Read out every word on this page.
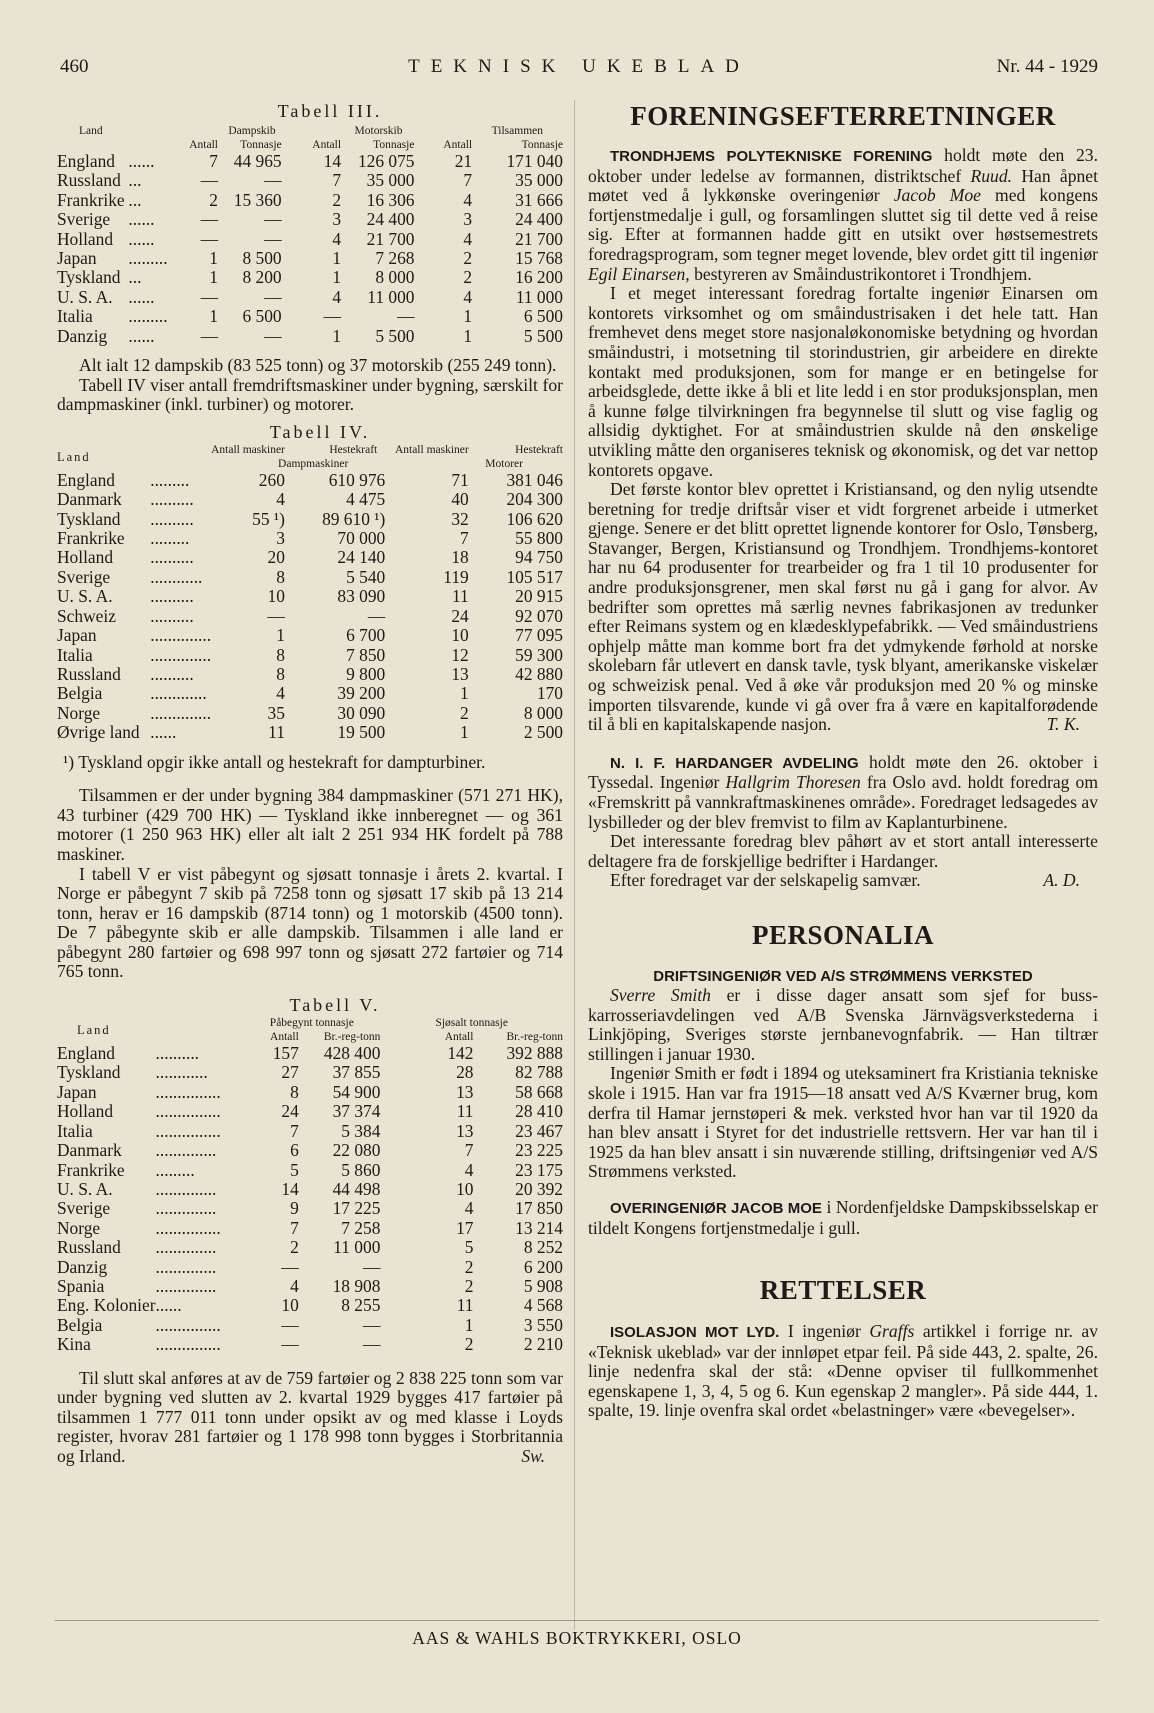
460	TEKNISK UKEBLAD	Nr. 44 - 1929

Tabell III.

Land		Dampskib		Motorskib		Tilsammen	
		Antall	Tonnasje	Antall	Tonnasje	Antall	Tonnasje
England	......	7	44 965	14	126 075	21	171 040
Russland	...	—	—	7	35 000	7	35 000
Frankrike	...	2	15 360	2	16 306	4	31 666
Sverige	......	—	—	3	24 400	3	24 400
Holland	......	—	—	4	21 700	4	21 700
Japan	.........	1	8 500	1	7 268	2	15 768
Tyskland	...	1	8 200	1	8 000	2	16 200
U. S. A.	......	—	—	4	11 000	4	11 000
Italia	.........	1	6 500	—	—	1	6 500
Danzig	......	—	—	1	5 500	1	5 500

Alt ialt 12 dampskib (83 525 tonn) og 37 motorskib (255 249 tonn).

Tabell IV viser antall fremdriftsmaskiner under bygning, særskilt for dampmaskiner (inkl. turbiner) og motorer.

Tabell IV.

Land		Antall maskiner	Hestekraft	Antall maskiner	Hestekraft
		Dampmaskiner		Motorer	
England	.........	260	610 976	71	381 046
Danmark	..........	4	4 475	40	204 300
Tyskland	..........	55 ¹)	89 610 ¹)	32	106 620
Frankrike	.........	3	70 000	7	55 800
Holland	..........	20	24 140	18	94 750
Sverige	............	8	5 540	119	105 517
U. S. A.	..........	10	83 090	11	20 915
Schweiz	..........	—	—	24	92 070
Japan	..............	1	6 700	10	77 095
Italia	..............	8	7 850	12	59 300
Russland	..........	8	9 800	13	42 880
Belgia	.............	4	39 200	1	170
Norge	..............	35	30 090	2	8 000
Øvrige land	......	11	19 500	1	2 500

¹) Tyskland opgir ikke antall og hestekraft for dampturbiner.

Tilsammen er der under bygning 384 dampmaskiner (571 271 HK), 43 turbiner (429 700 HK) — Tyskland ikke innberegnet — og 361 motorer (1 250 963 HK) eller alt ialt 2 251 934 HK fordelt på 788 maskiner.

I tabell V er vist påbegynt og sjøsatt tonnasje i årets 2. kvartal. I Norge er påbegynt 7 skib på 7258 tonn og sjøsatt 17 skib på 13 214 tonn, herav er 16 dampskib (8714 tonn) og 1 motorskib (4500 tonn). De 7 påbegynte skib er alle dampskib. Tilsammen i alle land er påbegynt 280 fartøier og 698 997 tonn og sjøsatt 272 fartøier og 714 765 tonn.

Tabell V.

Land		Påbegynt tonnasje		Sjøsalt tonnasje	
		Antall	Br.-reg-tonn	Antall	Br.-reg-tonn
England	..........	157	428 400	142	392 888
Tyskland	............	27	37 855	28	82 788
Japan	...............	8	54 900	13	58 668
Holland	...............	24	37 374	11	28 410
Italia	...............	7	5 384	13	23 467
Danmark	..............	6	22 080	7	23 225
Frankrike	.........	5	5 860	4	23 175
U. S. A.	..............	14	44 498	10	20 392
Sverige	..............	9	17 225	4	17 850
Norge	...............	7	7 258	17	13 214
Russland	..............	2	11 000	5	8 252
Danzig	..............	—	—	2	6 200
Spania	..............	4	18 908	2	5 908
Eng. Kolonier	......	10	8 255	11	4 568
Belgia	...............	—	—	1	3 550
Kina	...............	—	—	2	2 210

Til slutt skal anføres at av de 759 fartøier og 2 838 225 tonn som var under bygning ved slutten av 2. kvartal 1929 bygges 417 fartøier på tilsammen 1 777 011 tonn under opsikt av og med klasse i Loyds register, hvorav 281 fartøier og 1 178 998 tonn bygges i Storbritannia og Irland.	Sw.

FORENINGSEFTERRETNINGER

TRONDHJEMS POLYTEKNISKE FORENING holdt møte den 23. oktober under ledelse av formannen, distriktschef Ruud. Han åpnet møtet ved å lykkønske overingeniør Jacob Moe med kongens fortjenstmedalje i gull, og forsamlingen sluttet sig til dette ved å reise sig. Efter at formannen hadde gitt en utsikt over høstsemestrets foredragsprogram, som tegner meget lovende, blev ordet gitt til ingeniør Egil Einarsen, bestyreren av Småindustrikontoret i Trondhjem.

I et meget interessant foredrag fortalte ingeniør Einarsen om kontorets virksomhet og om småindustrisaken i det hele tatt. Han fremhevet dens meget store nasjonaløkonomiske betydning og hvordan småindustri, i motsetning til storindustrien, gir arbeidere en direkte kontakt med produksjonen, som for mange er en betingelse for arbeidsglede, dette ikke å bli et lite ledd i en stor produksjonsplan, men å kunne følge tilvirkningen fra begynnelse til slutt og vise faglig og allsidig dyktighet. For at småindustrien skulde nå den ønskelige utvikling måtte den organiseres teknisk og økonomisk, og det var nettop kontorets opgave.

Det første kontor blev oprettet i Kristiansand, og den nylig utsendte beretning for tredje driftsår viser et vidt forgrenet arbeide i utmerket gjenge. Senere er det blitt oprettet lignende kontorer for Oslo, Tønsberg, Stavanger, Bergen, Kristiansund og Trondhjem. Trondhjems-kontoret har nu 64 produsenter for trearbeider og fra 1 til 10 produsenter for andre produksjonsgrener, men skal først nu gå i gang for alvor. Av bedrifter som oprettes må særlig nevnes fabrikasjonen av tredunker efter Reimans system og en klædesklypefabrikk. — Ved småindustriens ophjelp måtte man komme bort fra det ydmykende førhold at norske skolebarn får utlevert en dansk tavle, tysk blyant, amerikanske viskelær og schweizisk penal. Ved å øke vår produksjon med 20 % og minske importen tilsvarende, kunde vi gå over fra å være en kapitalforødende til å bli en kapitalskapende nasjon.	T. K.

N. I. F. HARDANGER AVDELING holdt møte den 26. oktober i Tyssedal. Ingeniør Hallgrim Thoresen fra Oslo avd. holdt foredrag om «Fremskritt på vannkraftmaskinenes område». Foredraget ledsagedes av lysbilleder og der blev fremvist to film av Kaplanturbinene.

Det interessante foredrag blev påhørt av et stort antall interesserte deltagere fra de forskjellige bedrifter i Hardanger.

Efter foredraget var der selskapelig samvær.	A. D.

PERSONALIA

DRIFTSINGENIØR VED A/S STRØMMENS VERKSTED

Sverre Smith er i disse dager ansatt som sjef for buss-karrosseriavdelingen ved A/B Svenska Järnvägsverkstederna i Linkjöping, Sveriges største jernbanevognfabrik. — Han tiltrær stillingen i januar 1930.

Ingeniør Smith er født i 1894 og uteksaminert fra Kristiania tekniske skole i 1915. Han var fra 1915—18 ansatt ved A/S Kværner brug, kom derfra til Hamar jernstøperi & mek. verksted hvor han var til 1920 da han blev ansatt i Styret for det industrielle rettsvern. Her var han til i 1925 da han blev ansatt i sin nuværende stilling, driftsingeniør ved A/S Strømmens verksted.

OVERINGENIØR JACOB MOE i Nordenfjeldske Dampskibsselskap er tildelt Kongens fortjenstmedalje i gull.

RETTELSER

ISOLASJON MOT LYD. I ingeniør Graffs artikkel i forrige nr. av «Teknisk ukeblad» var der innløpet etpar feil. På side 443, 2. spalte, 26. linje nedenfra skal der stå: «Denne opviser til fullkommenhet egenskapene 1, 3, 4, 5 og 6. Kun egenskap 2 mangler». På side 444, 1. spalte, 19. linje ovenfra skal ordet «belastninger» være «bevegelser».

AAS & WAHLS BOKTRYKKERI, OSLO
